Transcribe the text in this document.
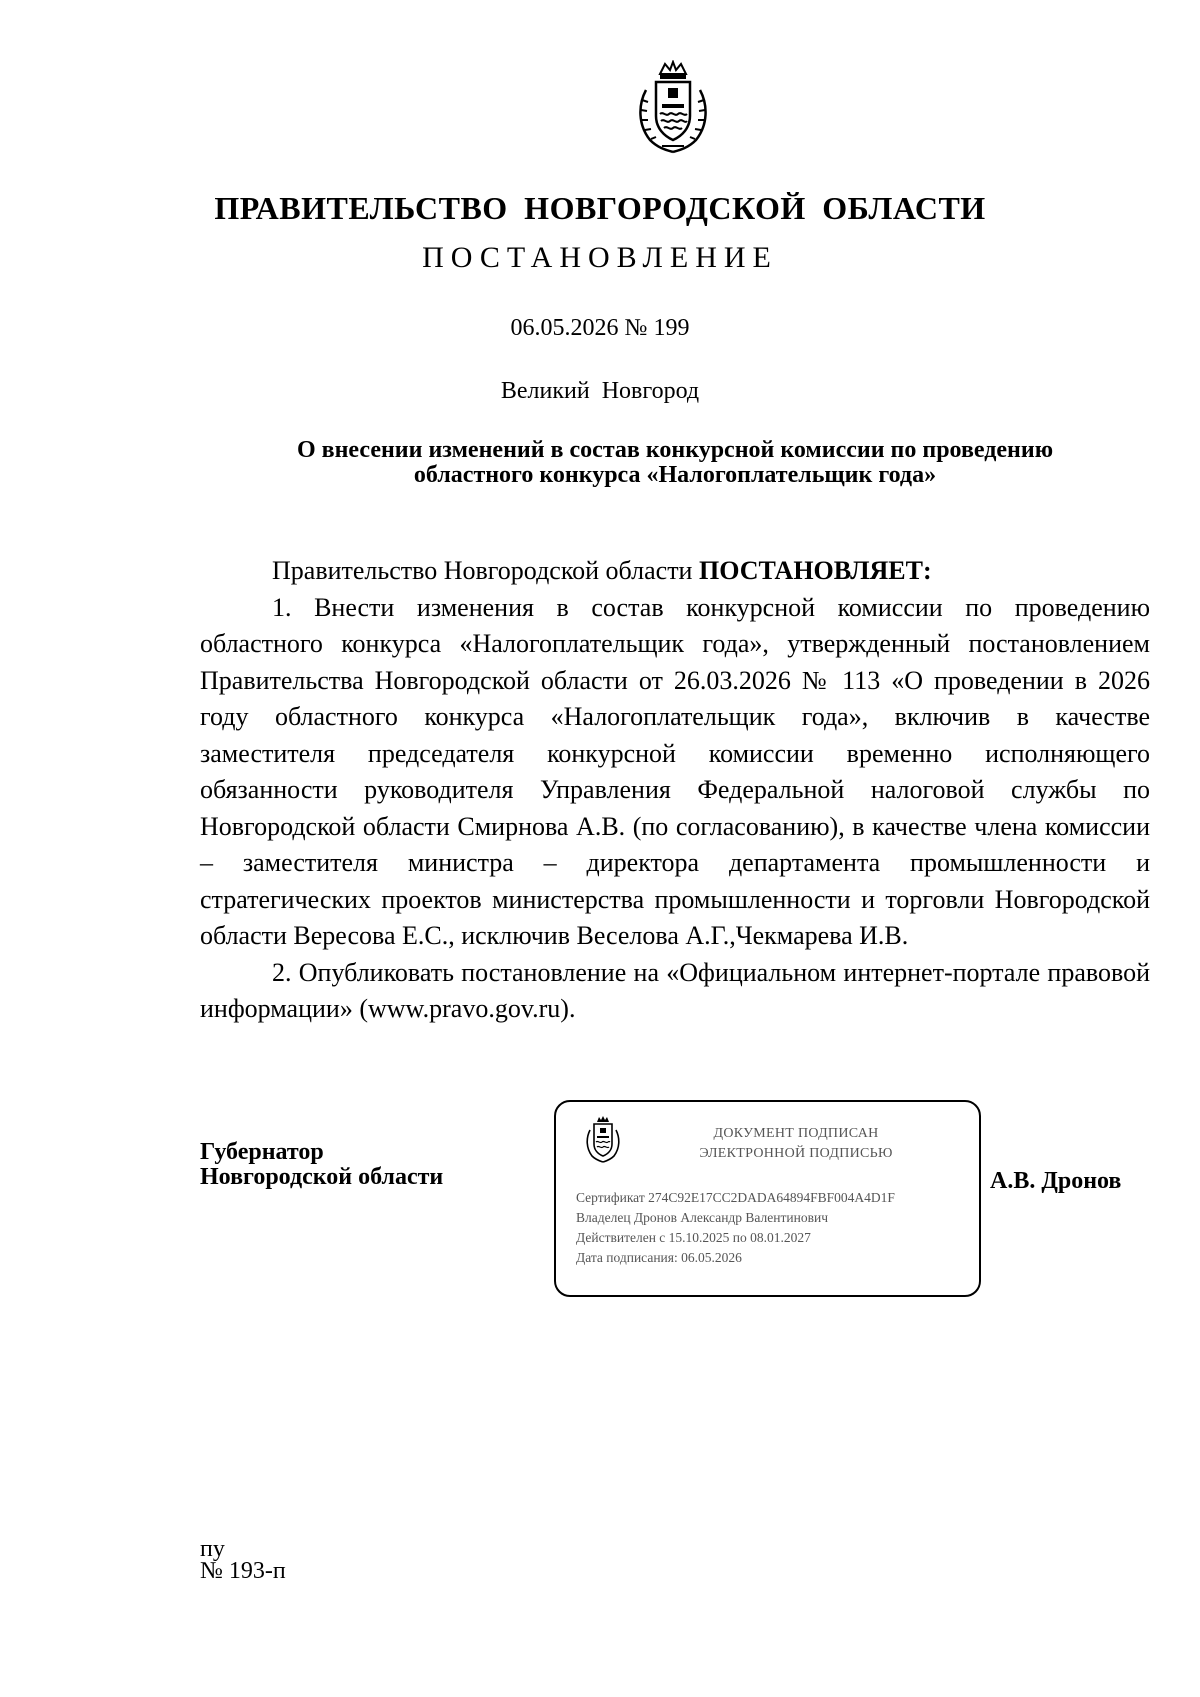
ПРАВИТЕЛЬСТВО НОВГОРОДСКОЙ ОБЛАСТИ
ПОСТАНОВЛЕНИЕ
06.05.2026 № 199
Великий Новгород
О внесении изменений в состав конкурсной комиссии по проведению
областного конкурса «Налогоплательщик года»

Правительство Новгородской области ПОСТАНОВЛЯЕТ:

1. Внести изменения в состав конкурсной комиссии по проведению областного конкурса «Налогоплательщик года», утвержденный постановлением Правительства Новгородской области от 26.03.2026 № 113 «О проведении в 2026 году областного конкурса «Налогоплательщик года», включив в качестве заместителя председателя конкурсной комиссии временно исполняющего обязанности руководителя Управления Федеральной налоговой службы по Новгородской области Смирнова А.В. (по согласованию), в качестве члена комиссии – заместителя министра – директора департамента промышленности и стратегических проектов министерства промышленности и торговли Новгородской области Вересова Е.С., исключив Веселова А.Г.,Чекмарева И.В.

2. Опубликовать постановление на «Официальном интернет-портале правовой информации» (www.pravo.gov.ru).

Губернатор
Новгородской области
ДОКУМЕНТ ПОДПИСАН
ЭЛЕКТРОННОЙ ПОДПИСЬЮ
Сертификат 274C92E17CC2DADA64894FBF004A4D1F
Владелец Дронов Александр Валентинович
Действителен с 15.10.2025 по 08.01.2027
Дата подписания: 06.05.2026
А.В. Дронов
пу
№ 193-п
